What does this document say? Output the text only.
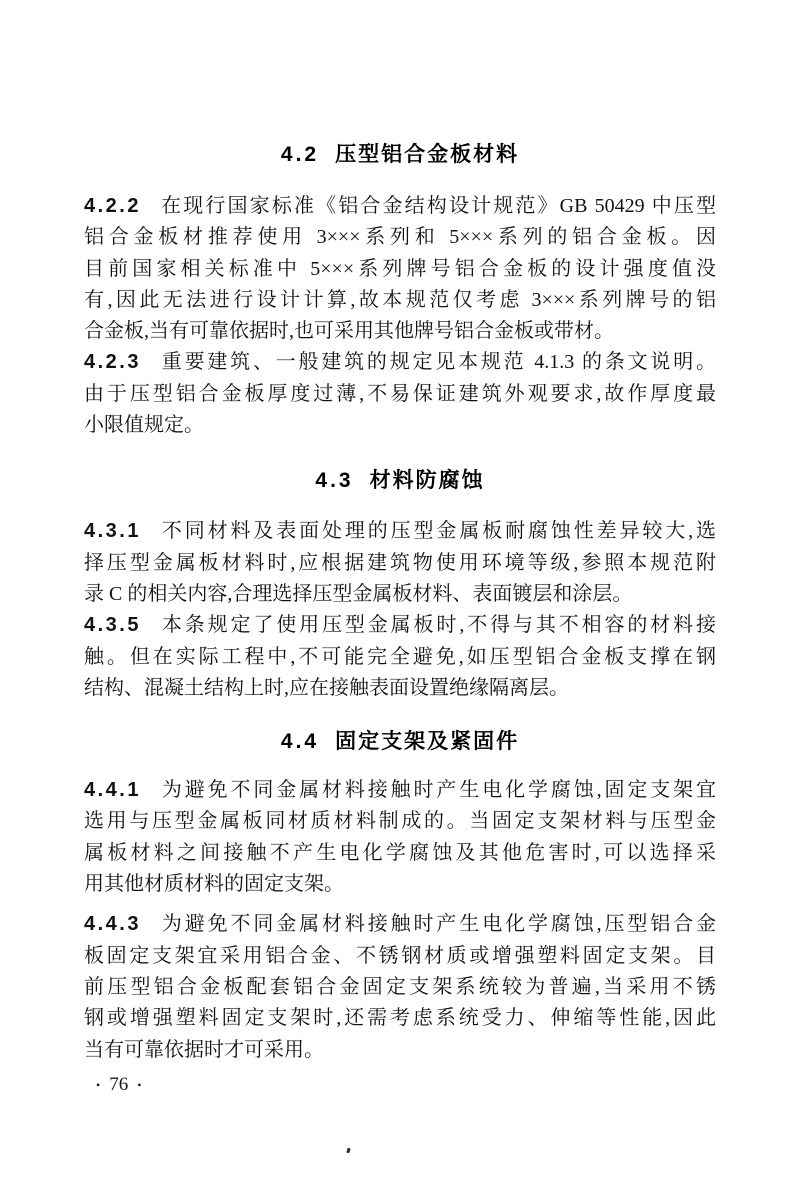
4.2 压型铝合金板材料
4.2.2 在现行国家标准《铝合金结构设计规范》GB 50429 中压型
铝合金板材推荐使用 3×××系列和 5×××系列的铝合金板。因
目前国家相关标准中 5×××系列牌号铝合金板的设计强度值没
有,因此无法进行设计计算,故本规范仅考虑 3×××系列牌号的铝
合金板,当有可靠依据时,也可采用其他牌号铝合金板或带材。
4.2.3 重要建筑、一般建筑的规定见本规范 4.1.3 的条文说明。
由于压型铝合金板厚度过薄,不易保证建筑外观要求,故作厚度最
小限值规定。
4.3 材料防腐蚀
4.3.1 不同材料及表面处理的压型金属板耐腐蚀性差异较大,选
择压型金属板材料时,应根据建筑物使用环境等级,参照本规范附
录 C 的相关内容,合理选择压型金属板材料、表面镀层和涂层。
4.3.5 本条规定了使用压型金属板时,不得与其不相容的材料接
触。但在实际工程中,不可能完全避免,如压型铝合金板支撑在钢
结构、混凝土结构上时,应在接触表面设置绝缘隔离层。
4.4 固定支架及紧固件
4.4.1 为避免不同金属材料接触时产生电化学腐蚀,固定支架宜
选用与压型金属板同材质材料制成的。当固定支架材料与压型金
属板材料之间接触不产生电化学腐蚀及其他危害时,可以选择采
用其他材质材料的固定支架。
4.4.3 为避免不同金属材料接触时产生电化学腐蚀,压型铝合金
板固定支架宜采用铝合金、不锈钢材质或增强塑料固定支架。目
前压型铝合金板配套铝合金固定支架系统较为普遍,当采用不锈
钢或增强塑料固定支架时,还需考虑系统受力、伸缩等性能,因此
当有可靠依据时才可采用。
• 76 •
